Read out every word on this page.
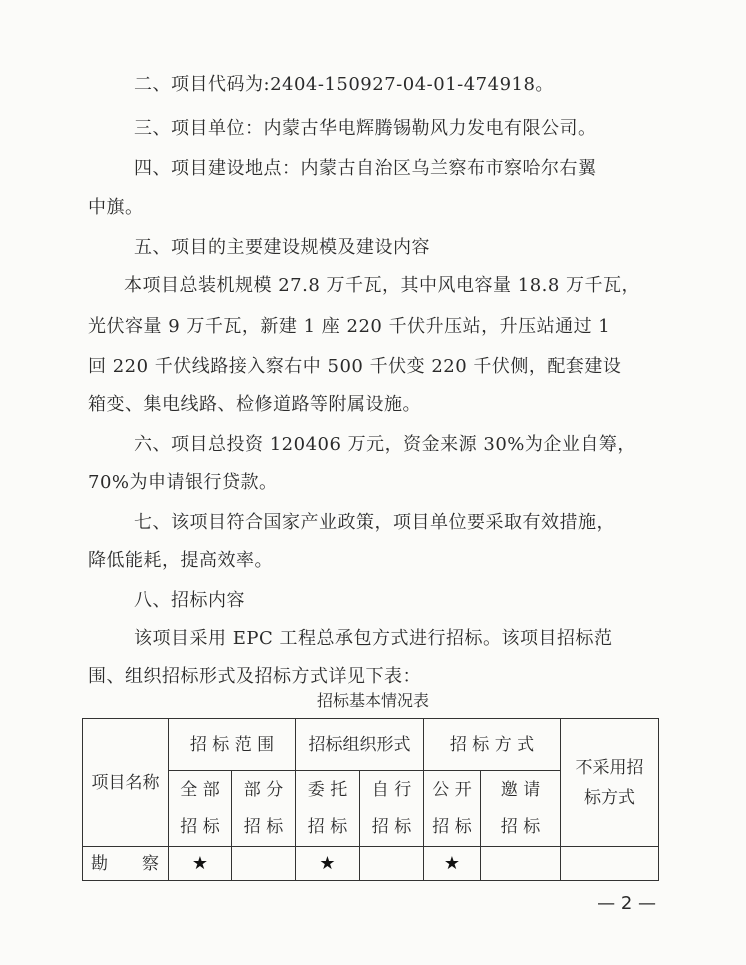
二、项目代码为:2404-150927-04-01-474918。
三、项目单位：内蒙古华电辉腾锡勒风力发电有限公司。
四、项目建设地点：内蒙古自治区乌兰察布市察哈尔右翼
中旗。
五、项目的主要建设规模及建设内容
本项目总装机规模 27.8 万千瓦，其中风电容量 18.8 万千瓦，
光伏容量 9 万千瓦，新建 1 座 220 千伏升压站，升压站通过 1
回 220 千伏线路接入察右中 500 千伏变 220 千伏侧，配套建设
箱变、集电线路、检修道路等附属设施。
六、项目总投资 120406 万元，资金来源 30%为企业自筹，
70%为申请银行贷款。
七、该项目符合国家产业政策，项目单位要采取有效措施，
降低能耗，提高效率。
八、招标内容
该项目采用 EPC 工程总承包方式进行招标。该项目招标范
围、组织招标形式及招标方式详见下表：
招标基本情况表
项目名称	招 标 范 围		招标组织形式		招 标 方 式		不采用招
标方式

	全 部	部 分	委 托	自 行	公 开	邀 请	
	招 标	招 标	招 标	招 标	招 标	招 标	
勘　　察	★		★		★		
— 2 —
